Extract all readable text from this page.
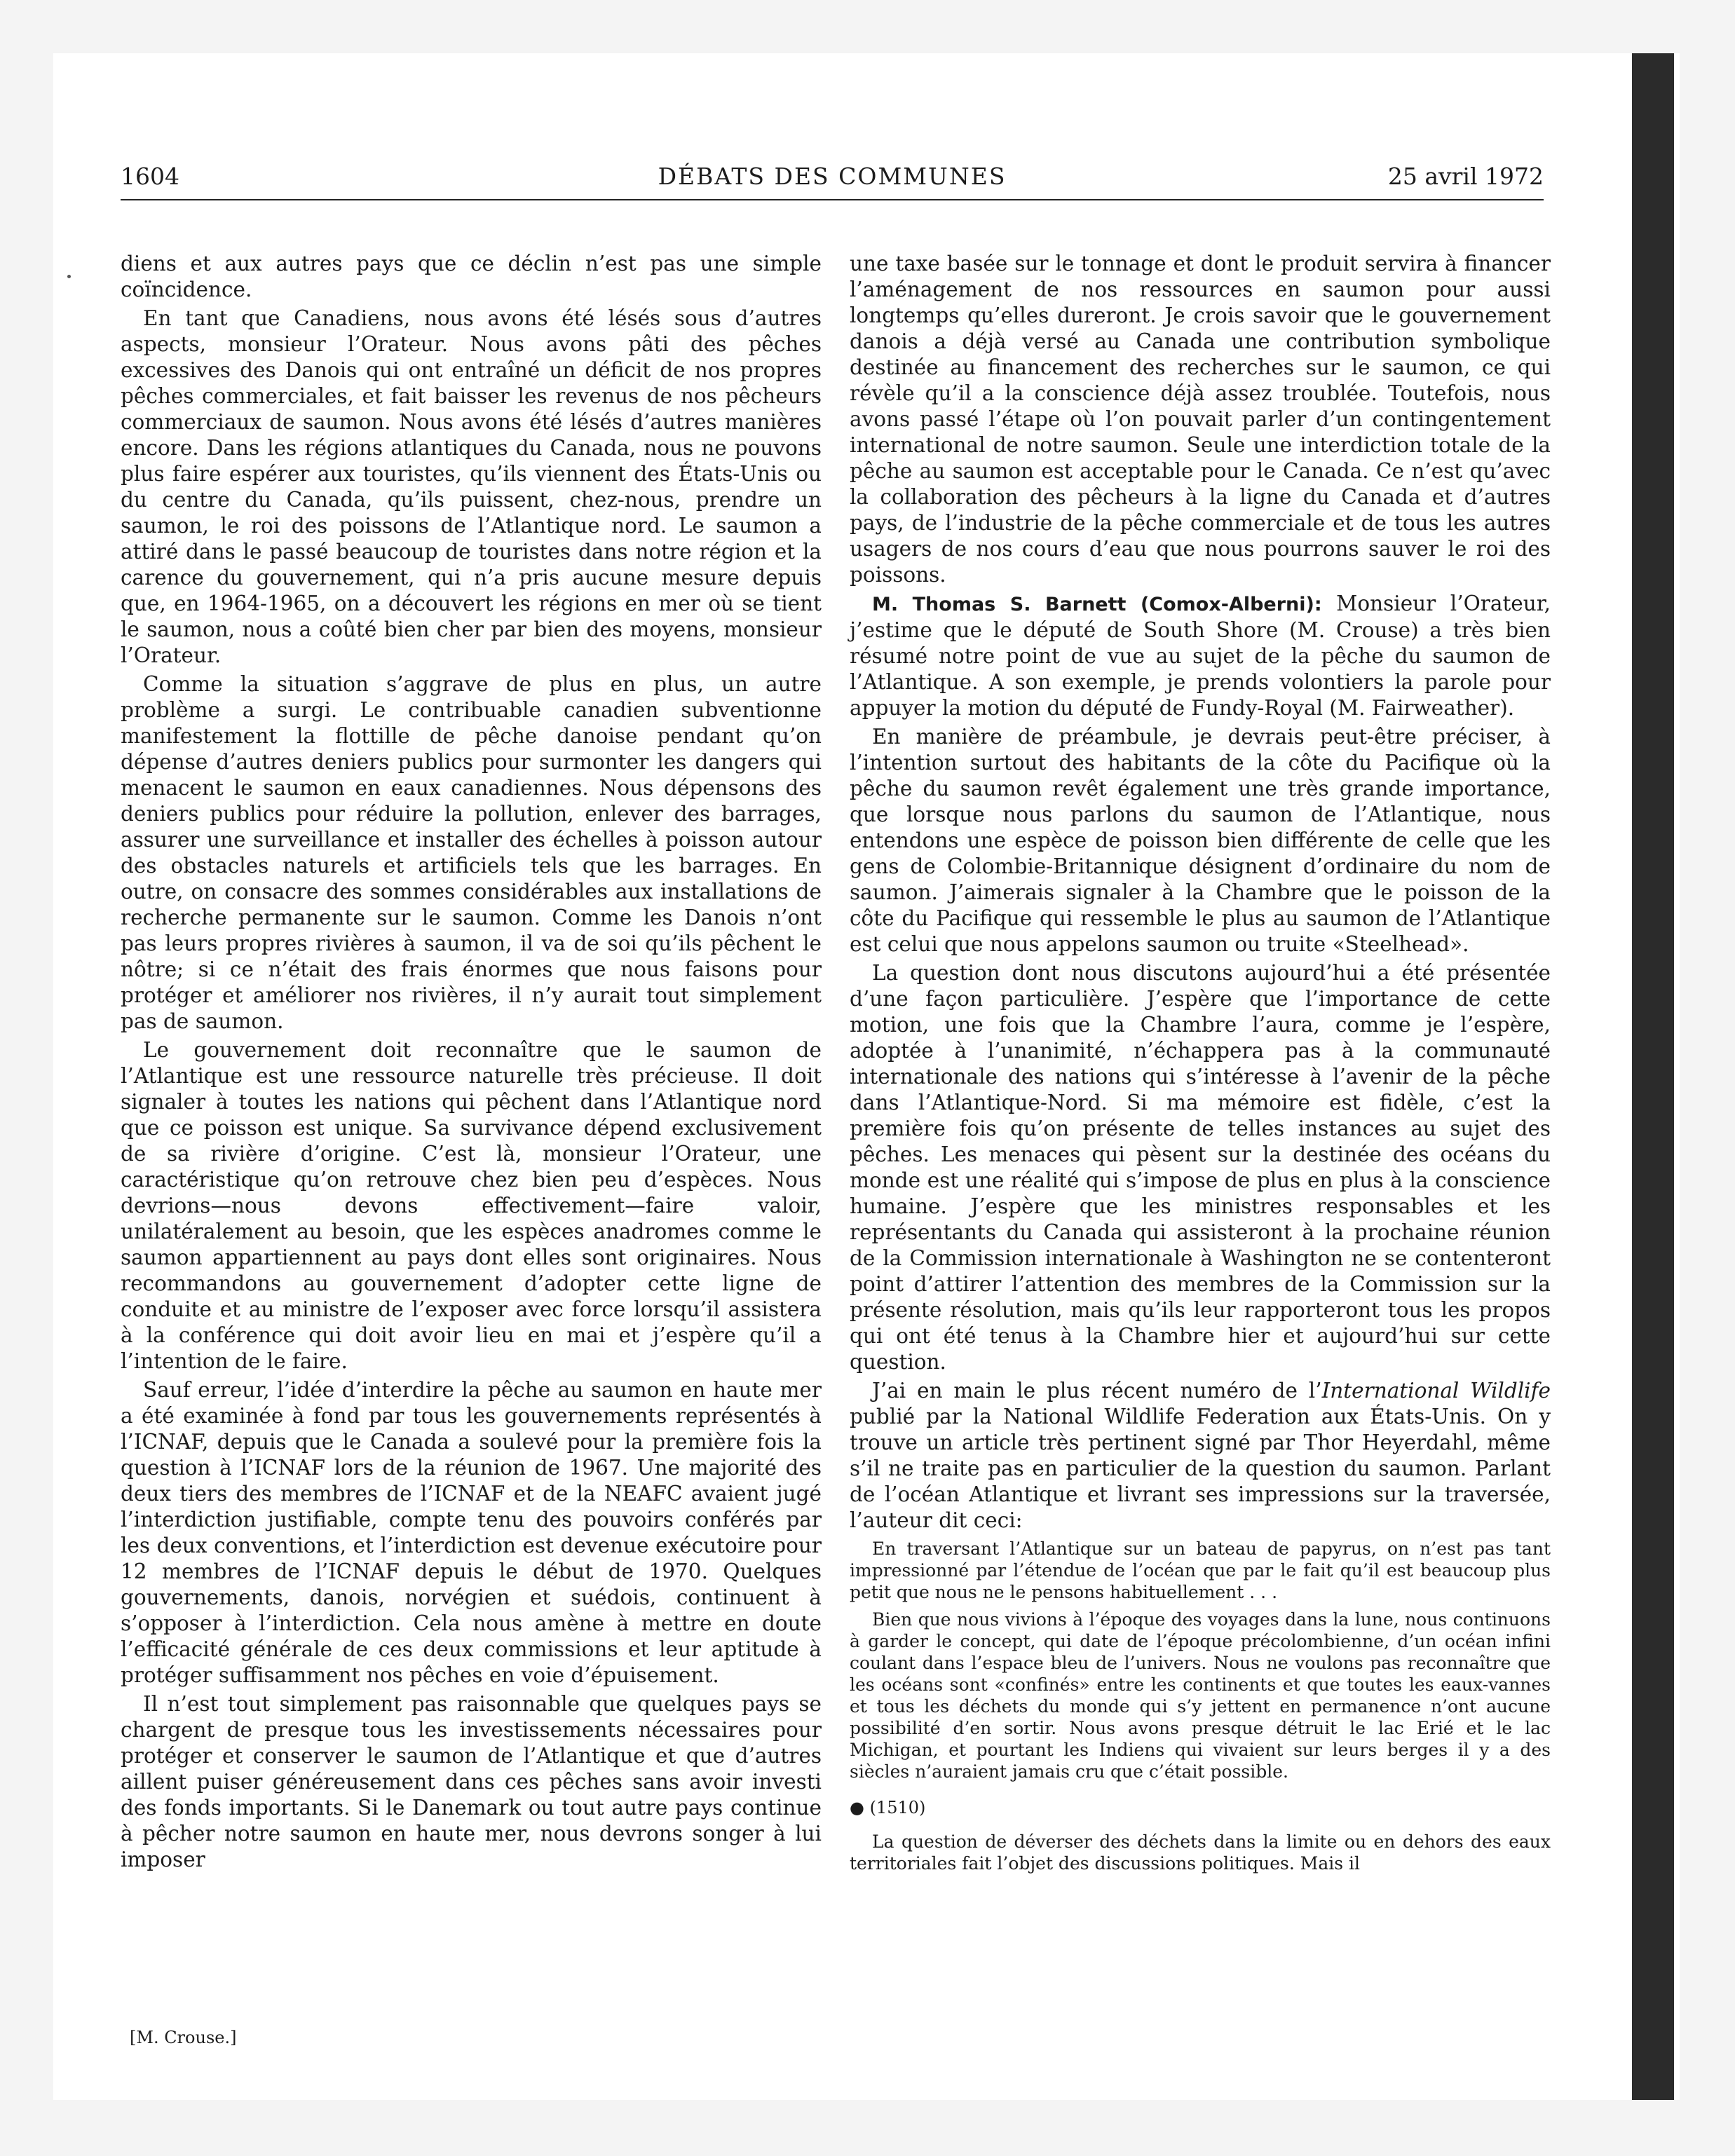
1604	DÉBATS DES COMMUNES	25 avril 1972

diens et aux autres pays que ce déclin n’est pas une simple coïncidence.

En tant que Canadiens, nous avons été lésés sous d’autres aspects, monsieur l’Orateur. Nous avons pâti des pêches excessives des Danois qui ont entraîné un déficit de nos propres pêches commerciales, et fait baisser les revenus de nos pêcheurs commerciaux de saumon. Nous avons été lésés d’autres manières encore. Dans les régions atlantiques du Canada, nous ne pouvons plus faire espérer aux touristes, qu’ils viennent des États-Unis ou du centre du Canada, qu’ils puissent, chez-nous, prendre un saumon, le roi des poissons de l’Atlantique nord. Le saumon a attiré dans le passé beaucoup de touristes dans notre région et la carence du gouvernement, qui n’a pris aucune mesure depuis que, en 1964-1965, on a découvert les régions en mer où se tient le saumon, nous a coûté bien cher par bien des moyens, monsieur l’Orateur.

Comme la situation s’aggrave de plus en plus, un autre problème a surgi. Le contribuable canadien subventionne manifestement la flottille de pêche danoise pendant qu’on dépense d’autres deniers publics pour surmonter les dangers qui menacent le saumon en eaux canadiennes. Nous dépensons des deniers publics pour réduire la pollution, enlever des barrages, assurer une surveillance et installer des échelles à poisson autour des obstacles naturels et artificiels tels que les barrages. En outre, on consacre des sommes considérables aux installations de recherche permanente sur le saumon. Comme les Danois n’ont pas leurs propres rivières à saumon, il va de soi qu’ils pêchent le nôtre; si ce n’était des frais énormes que nous faisons pour protéger et améliorer nos rivières, il n’y aurait tout simplement pas de saumon.

Le gouvernement doit reconnaître que le saumon de l’Atlantique est une ressource naturelle très précieuse. Il doit signaler à toutes les nations qui pêchent dans l’Atlantique nord que ce poisson est unique. Sa survivance dépend exclusivement de sa rivière d’origine. C’est là, monsieur l’Orateur, une caractéristique qu’on retrouve chez bien peu d’espèces. Nous devrions—nous devons effectivement—faire valoir, unilatéralement au besoin, que les espèces anadromes comme le saumon appartiennent au pays dont elles sont originaires. Nous recommandons au gouvernement d’adopter cette ligne de conduite et au ministre de l’exposer avec force lorsqu’il assistera à la conférence qui doit avoir lieu en mai et j’espère qu’il a l’intention de le faire.

Sauf erreur, l’idée d’interdire la pêche au saumon en haute mer a été examinée à fond par tous les gouvernements représentés à l’ICNAF, depuis que le Canada a soulevé pour la première fois la question à l’ICNAF lors de la réunion de 1967. Une majorité des deux tiers des membres de l’ICNAF et de la NEAFC avaient jugé l’interdiction justifiable, compte tenu des pouvoirs conférés par les deux conventions, et l’interdiction est devenue exécutoire pour 12 membres de l’ICNAF depuis le début de 1970. Quelques gouvernements, danois, norvégien et suédois, continuent à s’opposer à l’interdiction. Cela nous amène à mettre en doute l’efficacité générale de ces deux commissions et leur aptitude à protéger suffisamment nos pêches en voie d’épuisement.

Il n’est tout simplement pas raisonnable que quelques pays se chargent de presque tous les investissements nécessaires pour protéger et conserver le saumon de l’Atlantique et que d’autres aillent puiser généreusement dans ces pêches sans avoir investi des fonds importants. Si le Danemark ou tout autre pays continue à pêcher notre saumon en haute mer, nous devrons songer à lui imposer

[M. Crouse.]

une taxe basée sur le tonnage et dont le produit servira à financer l’aménagement de nos ressources en saumon pour aussi longtemps qu’elles dureront. Je crois savoir que le gouvernement danois a déjà versé au Canada une contribution symbolique destinée au financement des recherches sur le saumon, ce qui révèle qu’il a la conscience déjà assez troublée. Toutefois, nous avons passé l’étape où l’on pouvait parler d’un contingentement international de notre saumon. Seule une interdiction totale de la pêche au saumon est acceptable pour le Canada. Ce n’est qu’avec la collaboration des pêcheurs à la ligne du Canada et d’autres pays, de l’industrie de la pêche commerciale et de tous les autres usagers de nos cours d’eau que nous pourrons sauver le roi des poissons.

M. Thomas S. Barnett (Comox-Alberni): Monsieur l’Orateur, j’estime que le député de South Shore (M. Crouse) a très bien résumé notre point de vue au sujet de la pêche du saumon de l’Atlantique. A son exemple, je prends volontiers la parole pour appuyer la motion du député de Fundy-Royal (M. Fairweather).

En manière de préambule, je devrais peut-être préciser, à l’intention surtout des habitants de la côte du Pacifique où la pêche du saumon revêt également une très grande importance, que lorsque nous parlons du saumon de l’Atlantique, nous entendons une espèce de poisson bien différente de celle que les gens de Colombie-Britannique désignent d’ordinaire du nom de saumon. J’aimerais signaler à la Chambre que le poisson de la côte du Pacifique qui ressemble le plus au saumon de l’Atlantique est celui que nous appelons saumon ou truite «Steelhead».

La question dont nous discutons aujourd’hui a été présentée d’une façon particulière. J’espère que l’importance de cette motion, une fois que la Chambre l’aura, comme je l’espère, adoptée à l’unanimité, n’échappera pas à la communauté internationale des nations qui s’intéresse à l’avenir de la pêche dans l’Atlantique-Nord. Si ma mémoire est fidèle, c’est la première fois qu’on présente de telles instances au sujet des pêches. Les menaces qui pèsent sur la destinée des océans du monde est une réalité qui s’impose de plus en plus à la conscience humaine. J’espère que les ministres responsables et les représentants du Canada qui assisteront à la prochaine réunion de la Commission internationale à Washington ne se contenteront point d’attirer l’attention des membres de la Commission sur la présente résolution, mais qu’ils leur rapporteront tous les propos qui ont été tenus à la Chambre hier et aujourd’hui sur cette question.

J’ai en main le plus récent numéro de l’International Wildlife publié par la National Wildlife Federation aux États-Unis. On y trouve un article très pertinent signé par Thor Heyerdahl, même s’il ne traite pas en particulier de la question du saumon. Parlant de l’océan Atlantique et livrant ses impressions sur la traversée, l’auteur dit ceci:

En traversant l’Atlantique sur un bateau de papyrus, on n’est pas tant impressionné par l’étendue de l’océan que par le fait qu’il est beaucoup plus petit que nous ne le pensons habituellement . . .
Bien que nous vivions à l’époque des voyages dans la lune, nous continuons à garder le concept, qui date de l’époque précolombienne, d’un océan infini coulant dans l’espace bleu de l’univers. Nous ne voulons pas reconnaître que les océans sont «confinés» entre les continents et que toutes les eaux-vannes et tous les déchets du monde qui s’y jettent en permanence n’ont aucune possibilité d’en sortir. Nous avons presque détruit le lac Erié et le lac Michigan, et pourtant les Indiens qui vivaient sur leurs berges il y a des siècles n’auraient jamais cru que c’était possible.
● (1510)
La question de déverser des déchets dans la limite ou en dehors des eaux territoriales fait l’objet des discussions politiques. Mais il
